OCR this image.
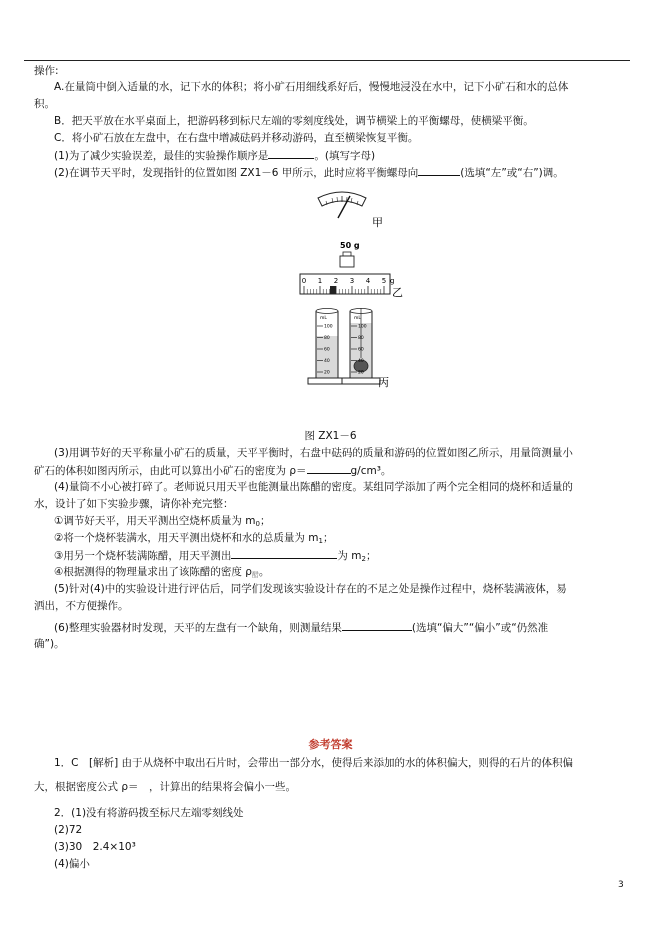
操作:
A.在量筒中倒入适量的水，记下水的体积；将小矿石用细线系好后，慢慢地浸没在水中，记下小矿石和水的总体
积。
B．把天平放在水平桌面上，把游码移到标尺左端的零刻度线处，调节横梁上的平衡螺母，使横梁平衡。
C．将小矿石放在左盘中，在右盘中增减砝码并移动游码，直至横梁恢复平衡。
(1)为了减少实验误差，最佳的实验操作顺序是	。(填写字母)
(2)在调节天平时，发现指针的位置如图 ZX1－6 甲所示，此时应将平衡螺母向	(选填“左”或“右”)调。
甲
50 g
0 1 2 3 4 5 g
乙
mL
100
80
60
40
20
mL
100
80
60
40
20
丙
图 ZX1－6
(3)用调节好的天平称量小矿石的质量，天平平衡时，右盘中砝码的质量和游码的位置如图乙所示，用量筒测量小
矿石的体积如图丙所示，由此可以算出小矿石的密度为 ρ＝	g/cm³。
(4)量筒不小心被打碎了。老师说只用天平也能测量出陈醋的密度。某组同学添加了两个完全相同的烧杯和适量的
水，设计了如下实验步骤，请你补充完整：
①调节好天平，用天平测出空烧杯质量为 $m_0$；
②将一个烧杯装满水，用天平测出烧杯和水的总质量为 $m_1$；
③用另一个烧杯装满陈醋，用天平测出	为 $m_2$；
④根据测得的物理量求出了该陈醋的密度 $\rho_醋$。
(5)针对(4)中的实验设计进行评估后，同学们发现该实验设计存在的不足之处是操作过程中，烧杯装满液体，易
洒出，不方便操作。
(6)整理实验器材时发现，天平的左盘有一个缺角，则测量结果	(选填“偏大”“偏小”或“仍然准
确”)。
参考答案
1．C　[解析] 由于从烧杯中取出石片时，会带出一部分水，使得后来添加的水的体积偏大，则得的石片的体积偏
大，根据密度公式 ρ＝　，计算出的结果将会偏小一些。
2．(1)没有将游码拨至标尺左端零刻线处
(2)72
(3)30　2.4×10³
(4)偏小
3
